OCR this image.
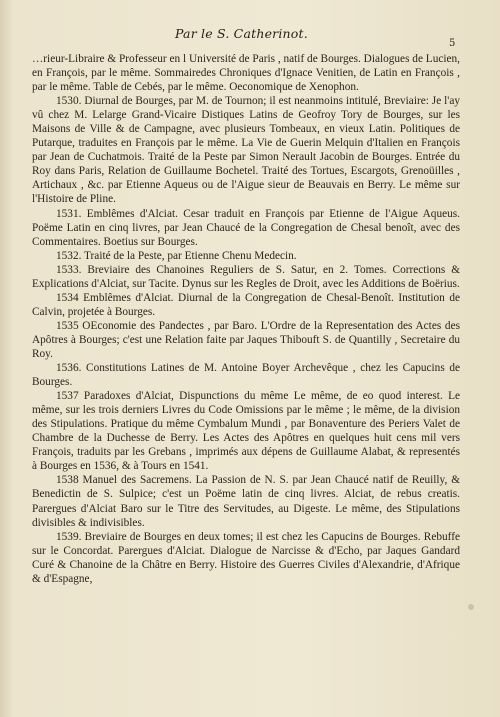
Par le S. Catherinot.
5

…rieur-Libraire & Professeur en l Université de Paris , natif de Bourges. Dialogues de Lucien, en François, par le même. Sommairedes Chroniques d'Ignace Venitien, de Latin en François , par le même. Table de Cebés, par le même. Oeconomique de Xenophon.

1530. Diurnal de Bourges, par M. de Tournon; il est neanmoins intitulé, Breviaire: Je l'ay vû chez M. Lelarge Grand-Vicaire Distiques Latins de Geofroy Tory de Bourges, sur les Maisons de Ville & de Campagne, avec plusieurs Tombeaux, en vieux Latin. Politiques de Putarque, traduites en François par le même. La Vie de Guerin Melquin d'Italien en François par Jean de Cuchatmois. Traité de la Peste par Simon Nerault Jacobin de Bourges. Entrée du Roy dans Paris, Relation de Guillaume Bochetel. Traité des Tortues, Escargots, Grenoüilles , Artichaux , &c. par Etienne Aqueus ou de l'Aigue sieur de Beauvais en Berry. Le même sur l'Histoire de Pline.

1531. Emblêmes d'Alciat. Cesar traduit en François par Etienne de l'Aigue Aqueus. Poëme Latin en cinq livres, par Jean Chaucé de la Congregation de Chesal benoît, avec des Commentaires. Boetius sur Bourges.

1532. Traité de la Peste, par Etienne Chenu Medecin.

1533. Breviaire des Chanoines Reguliers de S. Satur, en 2. Tomes. Corrections & Explications d'Alciat, sur Tacite. Dynus sur les Regles de Droit, avec les Additions de Boërius.

1534 Emblêmes d'Alciat. Diurnal de la Congregation de Chesal-Benoît. Institution de Calvin, projetée à Bourges.

1535 OEconomie des Pandectes , par Baro. L'Ordre de la Representation des Actes des Apôtres à Bourges; c'est une Relation faite par Jaques Thibouft S. de Quantilly , Secretaire du Roy.

1536. Constitutions Latines de M. Antoine Boyer Archevêque , chez les Capucins de Bourges.

1537 Paradoxes d'Alciat, Dispunctions du même Le même, de eo quod interest. Le même, sur les trois derniers Livres du Code Omissions par le même ; le même, de la division des Stipulations. Pratique du même Cymbalum Mundi , par Bonaventure des Periers Valet de Chambre de la Duchesse de Berry. Les Actes des Apôtres en quelques huit cens mil vers François, traduits par les Grebans , imprimés aux dépens de Guillaume Alabat, & representés à Bourges en 1536, & à Tours en 1541.

1538 Manuel des Sacremens. La Passion de N. S. par Jean Chaucé natif de Reuilly, & Benedictin de S. Sulpice; c'est un Poëme latin de cinq livres. Alciat, de rebus creatis. Parergues d'Alciat Baro sur le Titre des Servitudes, au Digeste. Le même, des Stipulations divisibles & indivisibles.

1539. Breviaire de Bourges en deux tomes; il est chez les Capucins de Bourges. Rebuffe sur le Concordat. Parergues d'Alciat. Dialogue de Narcisse & d'Echo, par Jaques Gandard Curé & Chanoine de la Châtre en Berry. Histoire des Guerres Civiles d'Alexandrie, d'Afrique & d'Espagne,
